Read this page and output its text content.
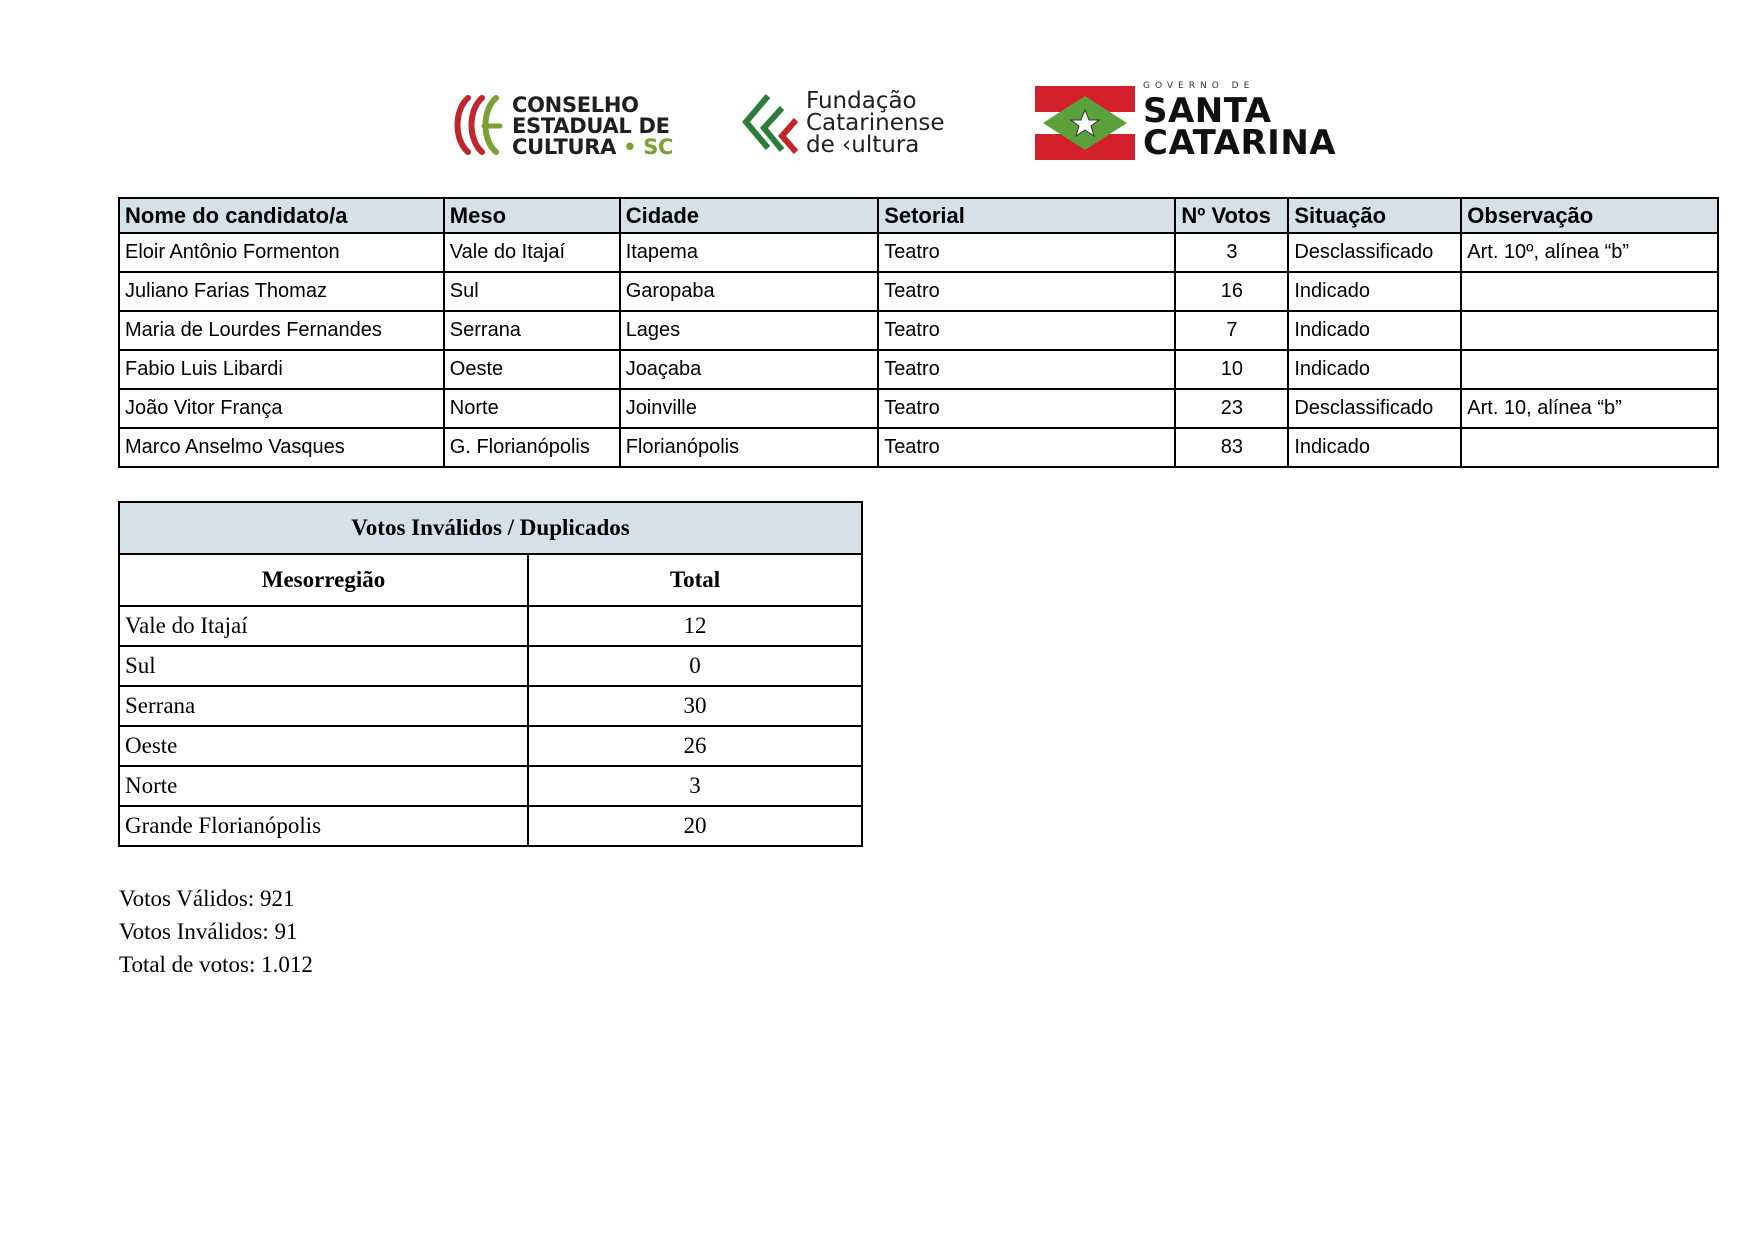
CONSELHO
ESTADUAL DE
CULTURA • SC
Fundação
Catarinense
de ‹ultura
GOVERNO DE
SANTA
CATARINA
Nome do candidato/a	Meso	Cidade	Setorial	Nº Votos	Situação	Observação
Eloir Antônio Formenton	Vale do Itajaí	Itapema	Teatro	3	Desclassificado	Art. 10º, alínea “b”
Juliano Farias Thomaz	Sul	Garopaba	Teatro	16	Indicado	
Maria de Lourdes Fernandes	Serrana	Lages	Teatro	7	Indicado	
Fabio Luis Libardi	Oeste	Joaçaba	Teatro	10	Indicado	
João Vitor França	Norte	Joinville	Teatro	23	Desclassificado	Art. 10, alínea “b”
Marco Anselmo Vasques	G. Florianópolis	Florianópolis	Teatro	83	Indicado	
Votos Inválidos / Duplicados	
Mesorregião	Total
Vale do Itajaí	12
Sul	0
Serrana	30
Oeste	26
Norte	3
Grande Florianópolis	20
Votos Válidos: 921
Votos Inválidos: 91
Total de votos: 1.012
